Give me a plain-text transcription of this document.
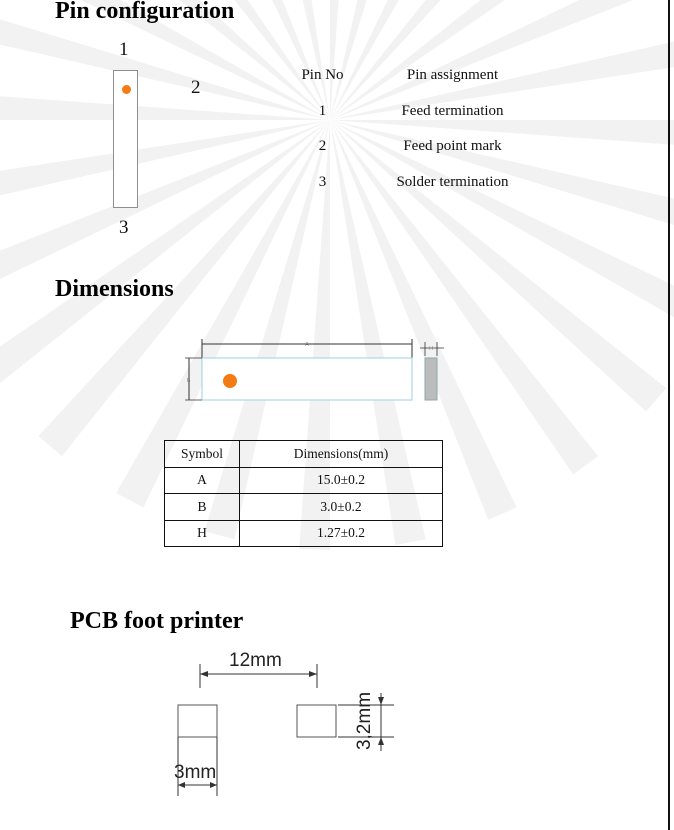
Pin configuration
1
2
3
Pin No	Pin assignment
1	Feed termination
2	Feed point mark
3	Solder termination
Dimensions
A
B
H
Symbol	Dimensions(mm)
A	15.0±0.2
B	3.0±0.2
H	1.27±0.2
PCB foot printer
12mm
3,2mm
3mm
